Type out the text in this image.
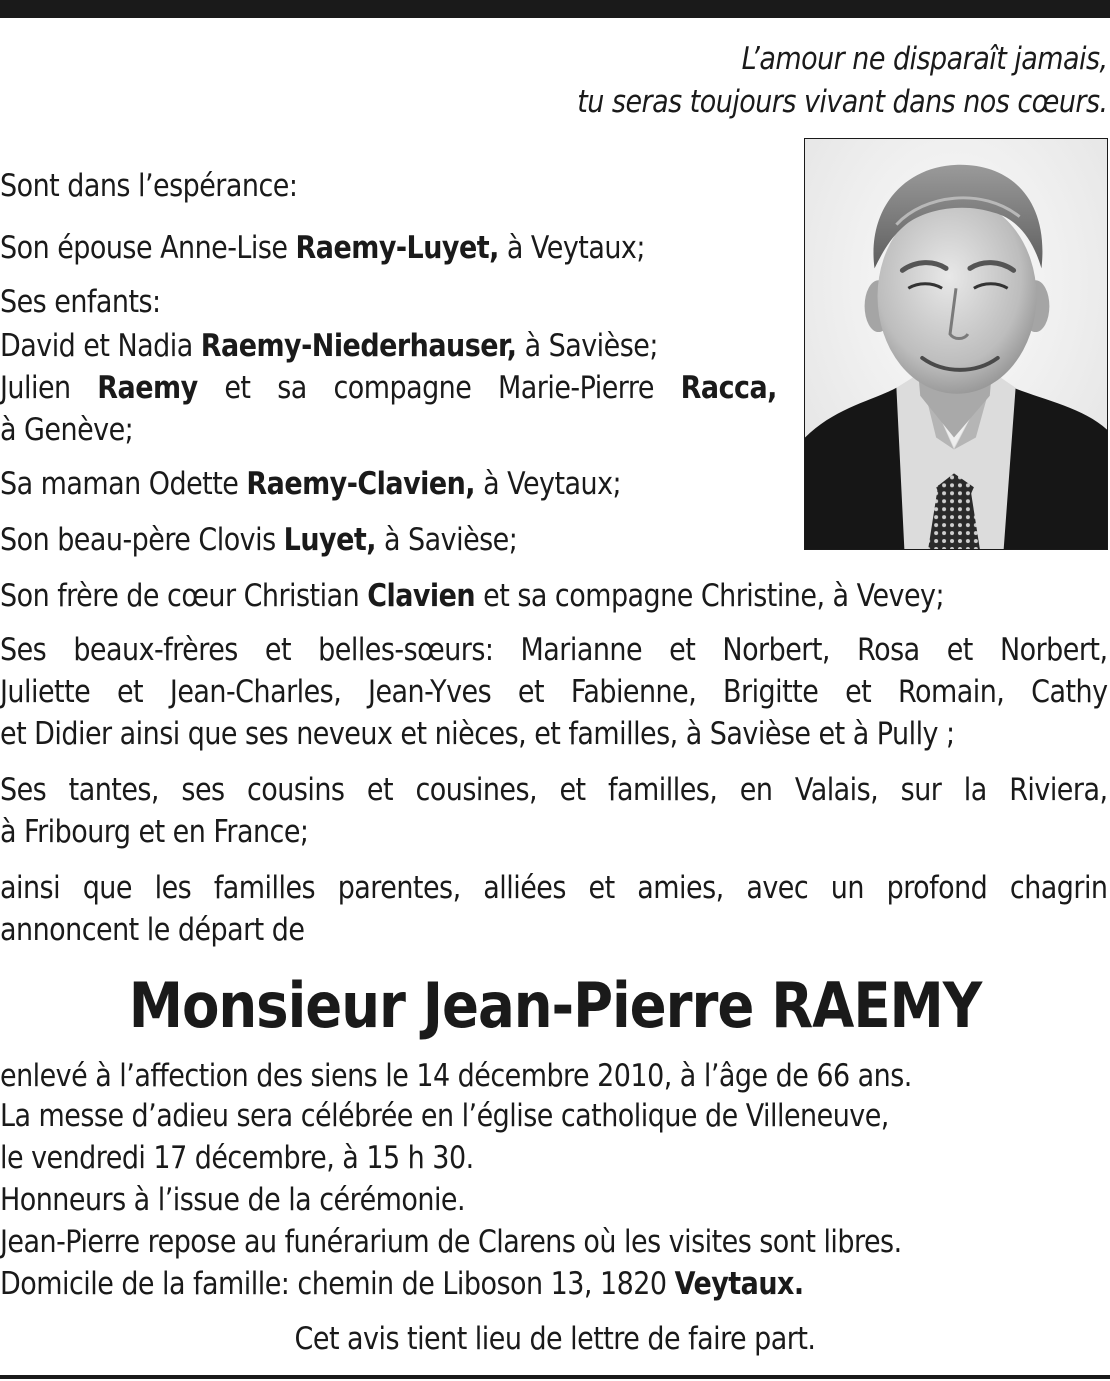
L’amour ne disparaît jamais,
tu seras toujours vivant dans nos cœurs.
Sont dans l’espérance:
Son épouse Anne-Lise Raemy-Luyet, à Veytaux;
Ses enfants:
David et Nadia Raemy-Niederhauser, à Savièse;
Julien Raemy et sa compagne Marie-Pierre Racca,
à Genève;
Sa maman Odette Raemy-Clavien, à Veytaux;
Son beau-père Clovis Luyet, à Savièse;
Son frère de cœur Christian Clavien et sa compagne Christine, à Vevey;
Ses beaux-frères et belles-sœurs: Marianne et Norbert, Rosa et Norbert,
Juliette et Jean-Charles, Jean-Yves et Fabienne, Brigitte et Romain, Cathy
et Didier ainsi que ses neveux et nièces, et familles, à Savièse et à Pully ;
Ses tantes, ses cousins et cousines, et familles, en Valais, sur la Riviera,
à Fribourg et en France;
ainsi que les familles parentes, alliées et amies, avec un profond chagrin
annoncent le départ de
Monsieur Jean-Pierre RAEMY
enlevé à l’affection des siens le 14 décembre 2010, à l’âge de 66 ans.
La messe d’adieu sera célébrée en l’église catholique de Villeneuve,
le vendredi 17 décembre, à 15 h 30.
Honneurs à l’issue de la cérémonie.
Jean-Pierre repose au funérarium de Clarens où les visites sont libres.
Domicile de la famille: chemin de Liboson 13, 1820 Veytaux.
Cet avis tient lieu de lettre de faire part.
